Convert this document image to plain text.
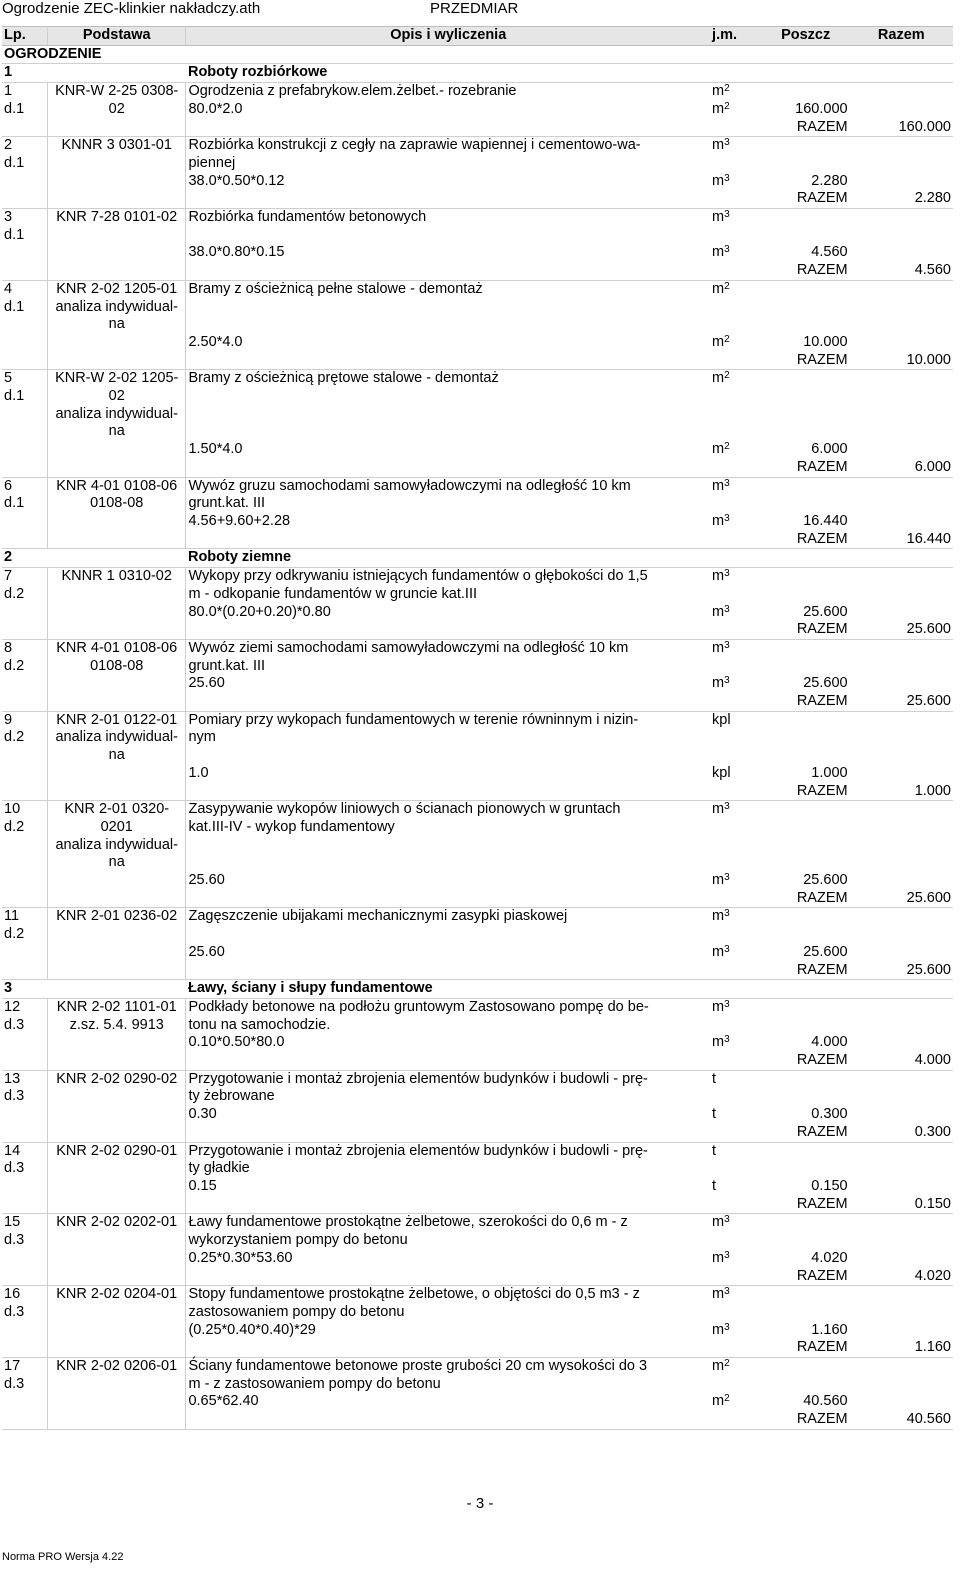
Ogrodzenie ZEC-klinkier nakładczy.ath	PRZEDMIAR
Lp.	Podstawa	Opis i wyliczenia	j.m.	Poszcz	Razem
OGRODZENIE					
1		Roboty rozbiórkowe			
1	KNR-W 2-25 0308-	Ogrodzenia z prefabrykow.elem.żelbet.- rozebranie	$m^2$		
d.1	02	80.0*2.0	$m^2$	160.000	
				RAZEM	160.000
2	KNNR 3 0301-01	Rozbiórka konstrukcji z cegły na zaprawie wapiennej i cementowo-wa-	$m^3$		
d.1		piennej			
		38.0*0.50*0.12	$m^3$	2.280	
				RAZEM	2.280
3	KNR 7-28 0101-02	Rozbiórka fundamentów betonowych	$m^3$		
d.1					
		38.0*0.80*0.15	$m^3$	4.560	
				RAZEM	4.560
4	KNR 2-02 1205-01	Bramy z ościeżnicą pełne stalowe - demontaż	$m^2$		
d.1	analiza indywidual-				
	na				
		2.50*4.0	$m^2$	10.000	
				RAZEM	10.000
5	KNR-W 2-02 1205-	Bramy z ościeżnicą prętowe stalowe - demontaż	$m^2$		
d.1	02				
	analiza indywidual-				
	na				
		1.50*4.0	$m^2$	6.000	
				RAZEM	6.000
6	KNR 4-01 0108-06	Wywóz gruzu samochodami samowyładowczymi na odległość 10 km	$m^3$		
d.1	0108-08	grunt.kat. III			
		4.56+9.60+2.28	$m^3$	16.440	
				RAZEM	16.440
2		Roboty ziemne			
7	KNNR 1 0310-02	Wykopy przy odkrywaniu istniejących fundamentów o głębokości do 1,5	$m^3$		
d.2		m - odkopanie fundamentów w gruncie kat.III			
		80.0*(0.20+0.20)*0.80	$m^3$	25.600	
				RAZEM	25.600
8	KNR 4-01 0108-06	Wywóz ziemi samochodami samowyładowczymi na odległość 10 km	$m^3$		
d.2	0108-08	grunt.kat. III			
		25.60	$m^3$	25.600	
				RAZEM	25.600
9	KNR 2-01 0122-01	Pomiary przy wykopach fundamentowych w terenie równinnym i nizin-	kpl		
d.2	analiza indywidual-	nym			
	na				
		1.0	kpl	1.000	
				RAZEM	1.000
10	KNR 2-01 0320-	Zasypywanie wykopów liniowych o ścianach pionowych w gruntach	$m^3$		
d.2	0201	kat.III-IV - wykop fundamentowy			
	analiza indywidual-				
	na				
		25.60	$m^3$	25.600	
				RAZEM	25.600
11	KNR 2-01 0236-02	Zagęszczenie ubijakami mechanicznymi zasypki piaskowej	$m^3$		
d.2					
		25.60	$m^3$	25.600	
				RAZEM	25.600
3		Ławy, ściany i słupy fundamentowe			
12	KNR 2-02 1101-01	Podkłady betonowe na podłożu gruntowym Zastosowano pompę do be-	$m^3$		
d.3	z.sz. 5.4. 9913	tonu na samochodzie.			
		0.10*0.50*80.0	$m^3$	4.000	
				RAZEM	4.000
13	KNR 2-02 0290-02	Przygotowanie i montaż zbrojenia elementów budynków i budowli - prę-	t		
d.3		ty żebrowane			
		0.30	t	0.300	
				RAZEM	0.300
14	KNR 2-02 0290-01	Przygotowanie i montaż zbrojenia elementów budynków i budowli - prę-	t		
d.3		ty gładkie			
		0.15	t	0.150	
				RAZEM	0.150
15	KNR 2-02 0202-01	Ławy fundamentowe prostokątne żelbetowe, szerokości do 0,6 m - z	$m^3$		
d.3		wykorzystaniem pompy do betonu			
		0.25*0.30*53.60	$m^3$	4.020	
				RAZEM	4.020
16	KNR 2-02 0204-01	Stopy fundamentowe prostokątne żelbetowe, o objętości do 0,5 m3 - z	$m^3$		
d.3		zastosowaniem pompy do betonu			
		(0.25*0.40*0.40)*29	$m^3$	1.160	
				RAZEM	1.160
17	KNR 2-02 0206-01	Ściany fundamentowe betonowe proste grubości 20 cm wysokości do 3	$m^2$		
d.3		m - z zastosowaniem pompy do betonu			
		0.65*62.40	$m^2$	40.560	
				RAZEM	40.560
- 3 -
Norma PRO Wersja 4.22
